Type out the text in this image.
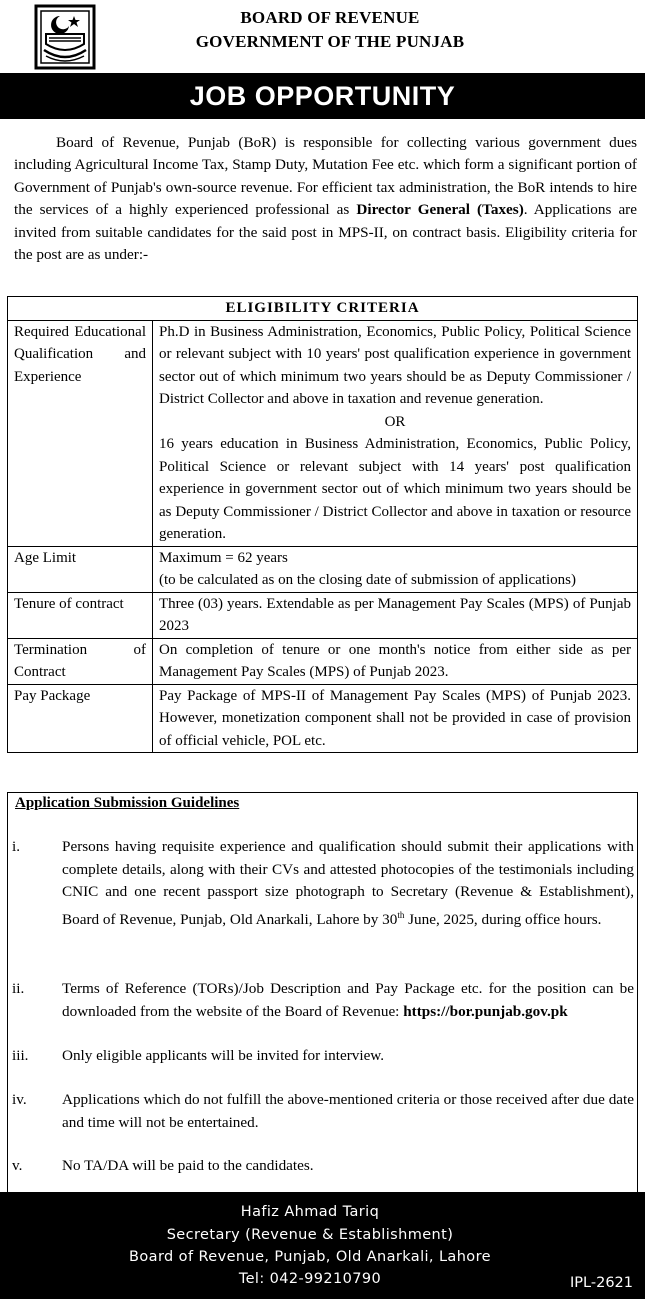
BOARD OF REVENUE
GOVERNMENT OF THE PUNJAB
JOB OPPORTUNITY
Board of Revenue, Punjab (BoR) is responsible for collecting various government dues including Agricultural Income Tax, Stamp Duty, Mutation Fee etc. which form a significant portion of Government of Punjab's own-source revenue. For efficient tax administration, the BoR intends to hire the services of a highly experienced professional as Director General (Taxes). Applications are invited from suitable candidates for the said post in MPS-II, on contract basis. Eligibility criteria for the post are as under:-
ELIGIBILITY CRITERIA	
Required Educational Qualification and Experience	Ph.D in Business Administration, Economics, Public Policy, Political Science or relevant subject with 10 years' post qualification experience in government sector out of which minimum two years should be as Deputy Commissioner / District Collector and above in taxation and revenue generation.
OR
16 years education in Business Administration, Economics, Public Policy, Political Science or relevant subject with 14 years' post qualification experience in government sector out of which minimum two years should be as Deputy Commissioner / District Collector and above in taxation or resource generation.

Age Limit	Maximum = 62 years
(to be calculated as on the closing date of submission of applications)

Tenure of contract	Three (03) years. Extendable as per Management Pay Scales (MPS) of Punjab 2023
Termination of Contract	On completion of tenure or one month's notice from either side as per Management Pay Scales (MPS) of Punjab 2023.
Pay Package	Pay Package of MPS-II of Management Pay Scales (MPS) of Punjab 2023. However, monetization component shall not be provided in case of provision of official vehicle, POL etc.
Application Submission Guidelines
i.	Persons having requisite experience and qualification should submit their applications with complete details, along with their CVs and attested photocopies of the testimonials including CNIC and one recent passport size photograph to Secretary (Revenue & Establishment), Board of Revenue, Punjab, Old Anarkali, Lahore by 30th June, 2025, during office hours.
ii. Terms of Reference (TORs)/Job Description and Pay Package etc. for the position can be downloaded from the website of the Board of Revenue: https://bor.punjab.gov.pk
iii. Only eligible applicants will be invited for interview.
iv. Applications which do not fulfill the above-mentioned criteria or those received after due date and time will not be entertained.
v.	No TA/DA will be paid to the candidates.
Hafiz Ahmad Tariq
Secretary (Revenue & Establishment)
Board of Revenue, Punjab, Old Anarkali, Lahore
Tel: 042-99210790	IPL-2621
